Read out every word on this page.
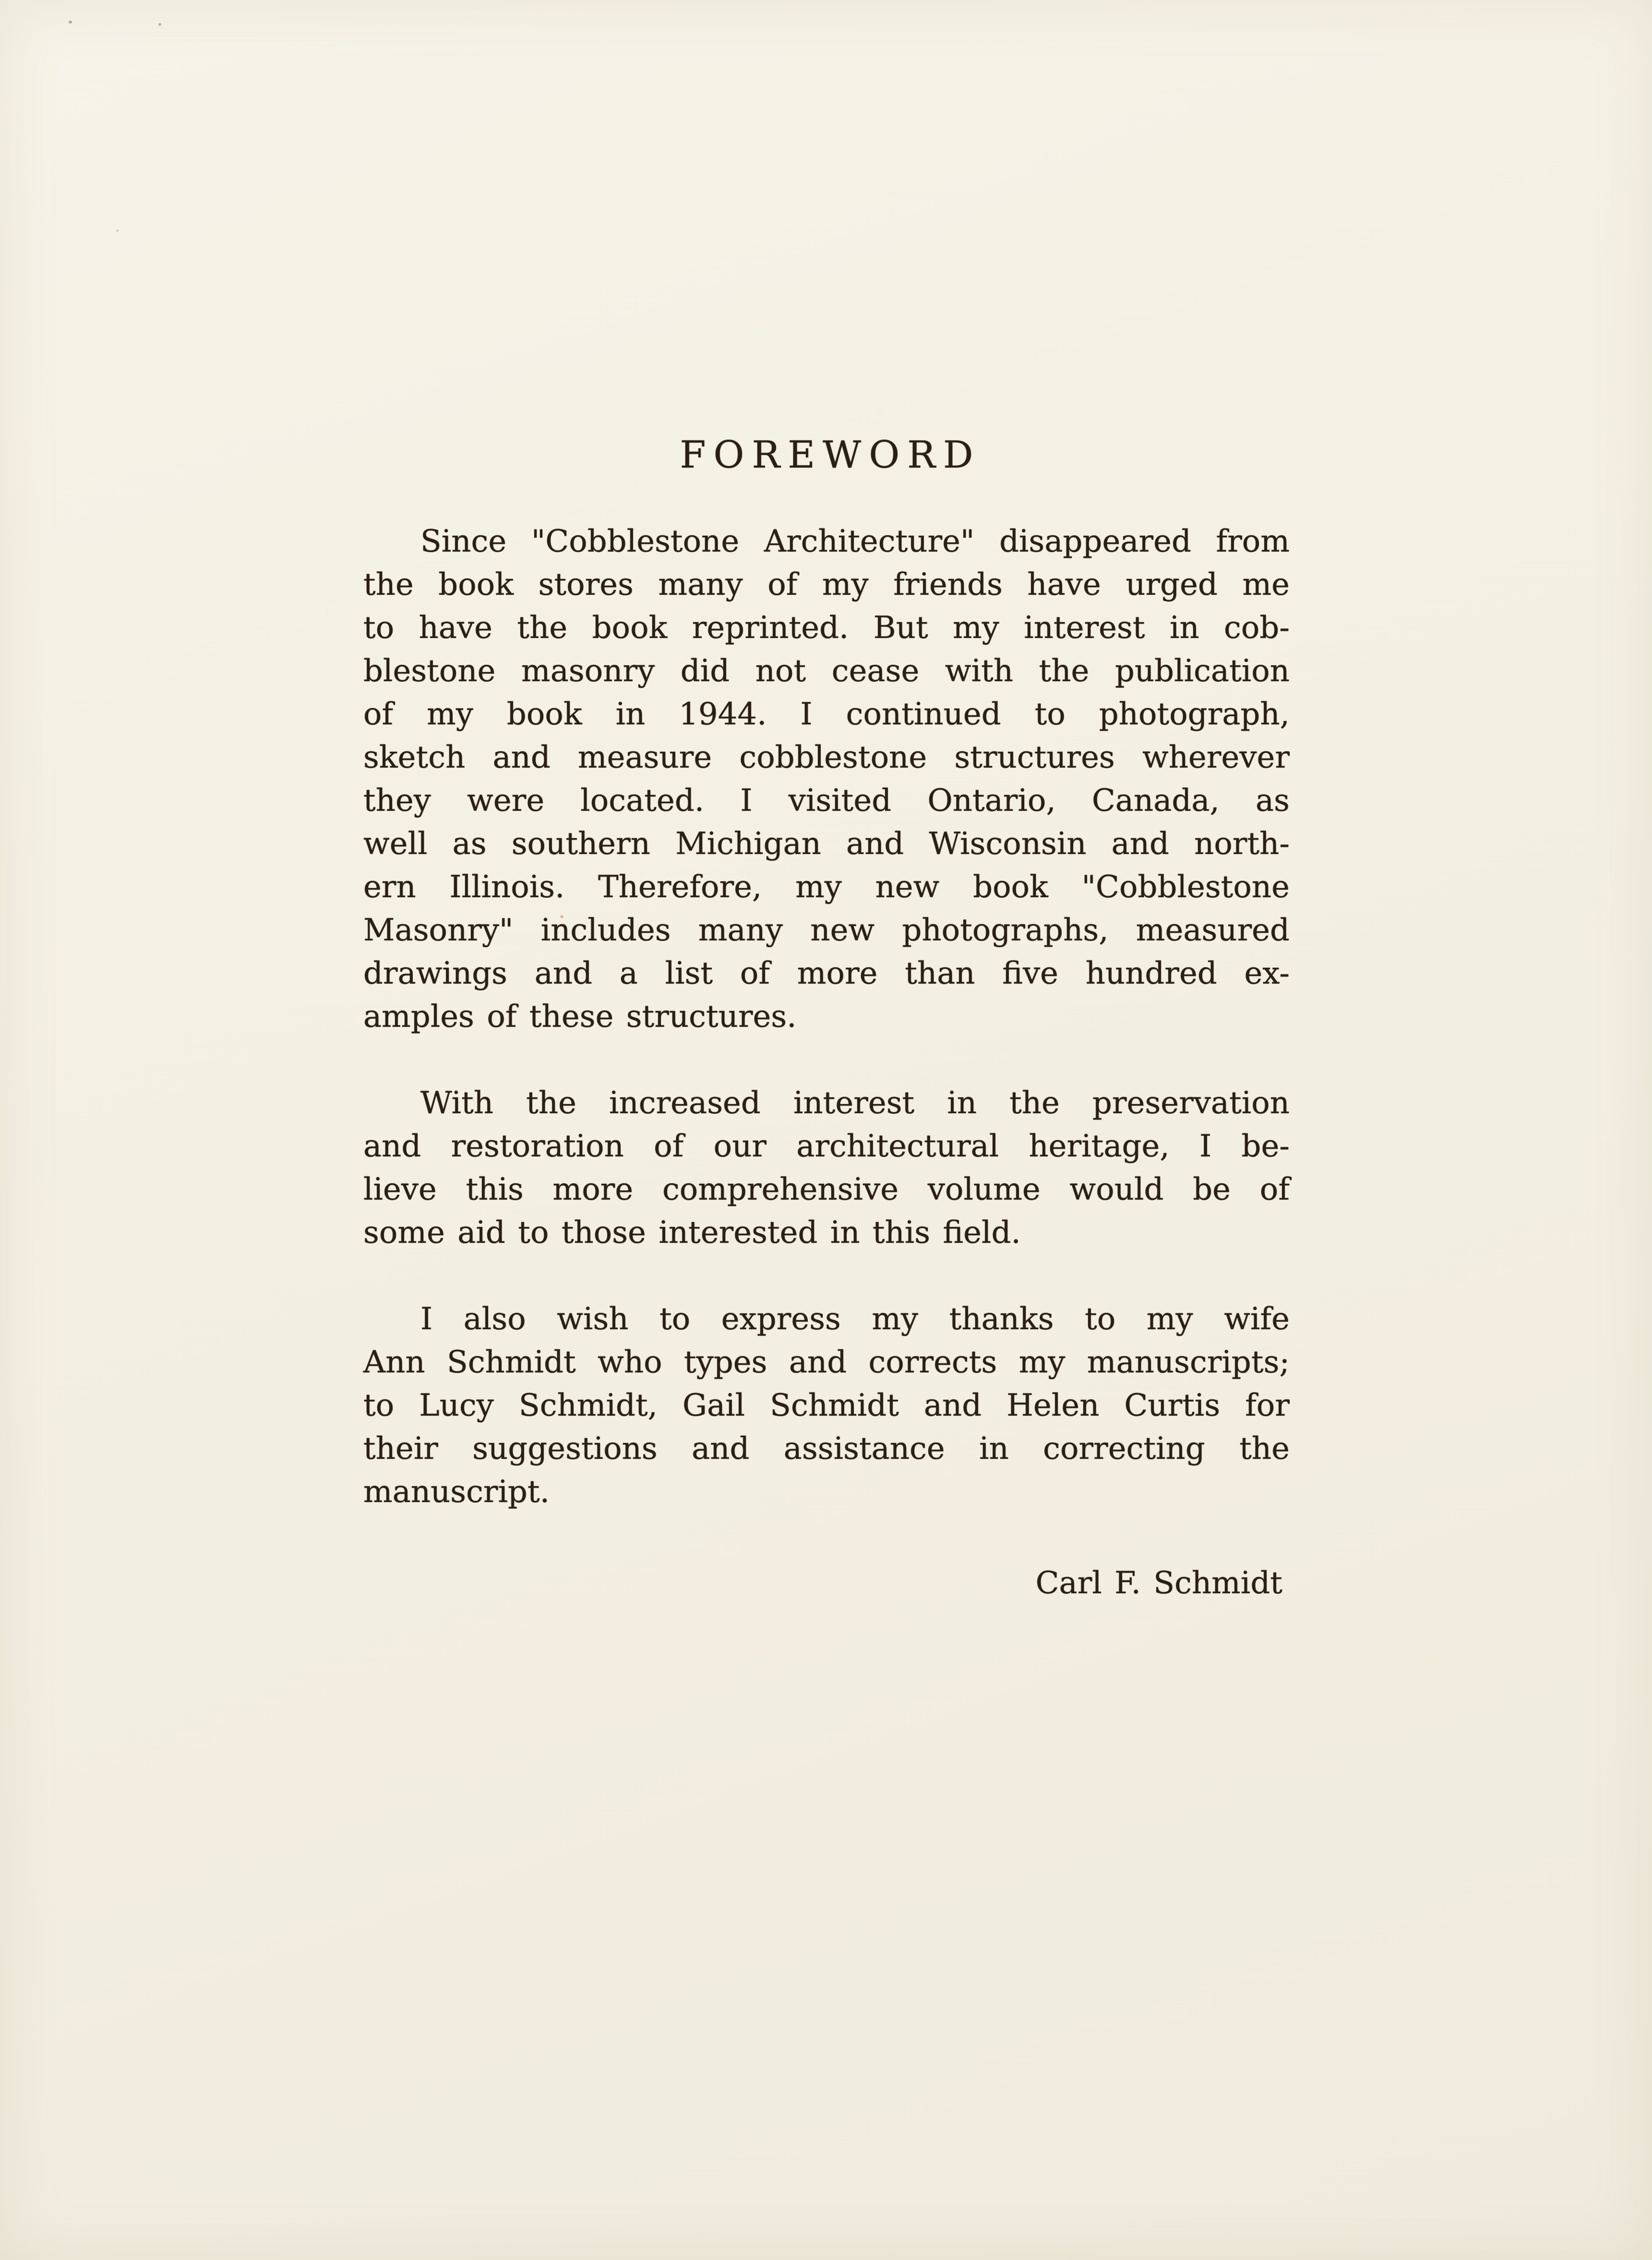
FOREWORD
Since "Cobblestone Architecture" disappeared from
the book stores many of my friends have urged me
to have the book reprinted. But my interest in cob-
blestone masonry did not cease with the publication
of my book in 1944. I continued to photograph,
sketch and measure cobblestone structures wherever
they were located. I visited Ontario, Canada, as
well as southern Michigan and Wisconsin and north-
ern Illinois. Therefore, my new book "Cobblestone
Masonry" includes many new photographs, measured
drawings and a list of more than five hundred ex-
amples of these structures.
With the increased interest in the preservation
and restoration of our architectural heritage, I be-
lieve this more comprehensive volume would be of
some aid to those interested in this field.
I also wish to express my thanks to my wife
Ann Schmidt who types and corrects my manuscripts;
to Lucy Schmidt, Gail Schmidt and Helen Curtis for
their suggestions and assistance in correcting the
manuscript.
Carl F. Schmidt
